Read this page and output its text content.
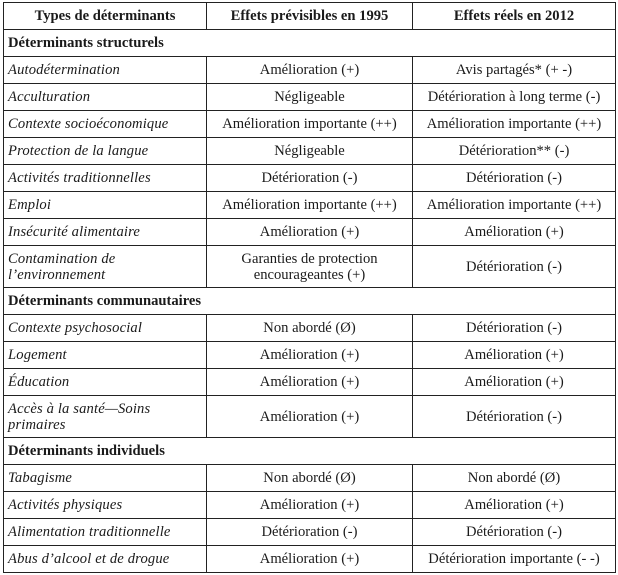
Types de déterminants	Effets prévisibles en 1995	Effets réels en 2012
Déterminants structurels		
Autodétermination	Amélioration (+)	Avis partagés* (+ -)
Acculturation	Négligeable	Détérioration à long terme (-)
Contexte socioéconomique	Amélioration importante (++)	Amélioration importante (++)
Protection de la langue	Négligeable	Détérioration** (-)
Activités traditionnelles	Détérioration (-)	Détérioration (-)
Emploi	Amélioration importante (++)	Amélioration importante (++)
Insécurité alimentaire	Amélioration (+)	Amélioration (+)
Contamination de l’environnement	Garanties de protection encourageantes (+)	Détérioration (-)
Déterminants communautaires		
Contexte psychosocial	Non abordé (Ø)	Détérioration (-)
Logement	Amélioration (+)	Amélioration (+)
Éducation	Amélioration (+)	Amélioration (+)
Accès à la santé—Soins primaires	Amélioration (+)	Détérioration (-)
Déterminants individuels		
Tabagisme	Non abordé (Ø)	Non abordé (Ø)
Activités physiques	Amélioration (+)	Amélioration (+)
Alimentation traditionnelle	Détérioration (-)	Détérioration (-)
Abus d’alcool et de drogue	Amélioration (+)	Détérioration importante (- -)
